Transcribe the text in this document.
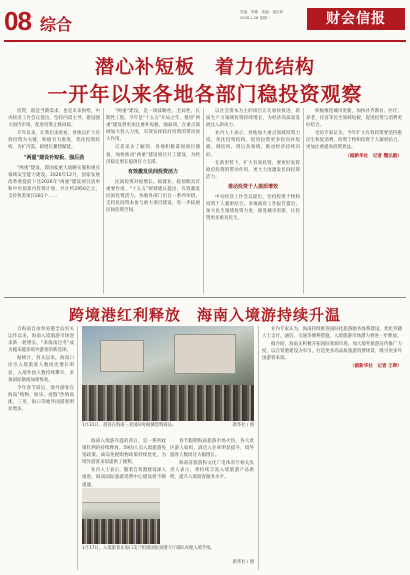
08 综合
责编：李娜　美编：唐巨新
2026.1.28 星期一	财会信报
潜心补短板　着力优结构
一开年以来各地各部门稳投资观察

投资，既是当期需求，也是未来供给，中央经济工作会议提出，坚持内需主导，建设强大国内市场，促进投资止跌回稳。

开年以来，让我们来看看，各地以扩大有效投资为关键，积极有为推进，优化投资结构，为扩内需、稳增长蓄势赋能。

"两重"建设补短板、强后劲

"两重"建设，即国家重大战略实施和重点领域安全能力建设。2026年12月，国家发展改革委提前下达2026年"两重"建设项目清单和中央预算内投资计划，共计约2950亿元，支持各类项目281个……

"两重"建设，是一项战略性、全局性、长期性工程。今年是"十五五"开局之年，推进"两重"建设将更加注重补短板、强弱项，在重点领域加大投入力度，有效发挥政府投资的带动放大作用。

记者采访了解到，各地积极谋划项目储备，加快推动"两重"建设项目开工建设，为经济稳定增长提供有力支撑。

有效激发民间投资活力

民间投资对稳增长、稳就业、稳预期具有重要作用。"十五五"规划建议提出，有效激发民间投资活力。各地各部门出台一系列举措，支持民间资本参与重大项目建设，进一步拓展民间投资空间。

以社会资本为主的项目正在加快推进，新质生产力领域投资持续增长，为经济高质量发展注入新动力。

业内人士表示，各地加大重点领域投资力度，优化投资结构，促进投资更多投向补短板、调结构、增后劲领域，推动经济持续向好。

在新形势下，扩大有效投资，要更好发挥政府投资的带动作用，更大力度激发民间投资活力。

推动投资于人提质增效

中央经济工作会议提出，坚持投资于物和投资于人紧密结合。多地政府工作报告提出，加大民生领域投资力度，推进城市更新，让投资更多惠及民生。

积极推进城市更新，加快补齐教育、医疗、养老、托育等民生领域短板，促进投资与消费更好结合。

受访专家认为，今年扩大有效投资要坚持惠民生和促消费、投资于物和投资于人紧密结合，更加注重提高投资效益。

（据新华社　记者 魏弘毅）
跨境港红利释放　海南入境游持续升温

自海南自由贸易港全岛封关运作以来，海南入境旅游市场迎来新一轮增长，"来海南过冬"成为越来越多境外游客的新选择。

据统计，封关以来，海南口岸出入境旅客人数同比增长明显，入境外国人数持续攀升，多条国际航线加密恢复。

今年春节前后，境外游客在海南"购物、娱乐、度假"热情高涨，三亚、海口等地外国游客明显增多。

1月31日，游客在海南三亚国际免税城选购商品。	新华社 / 图

海南入境游升温的背后，是一系列政策红利的持续释放。59国人员入境旅游免签政策、离岛免税购物政策持续优化，为境外游客来琼提供了便利。

业内人士表示，随着自贸港建设深入推进，海南国际旅游消费中心建设将不断提速。

春节假期海南旅游市场火热，各大景区游人如织，酒店入住率明显提升，境外游客人数同比大幅增长。

海南省旅游和文化广电体育厅相关负责人表示，将持续丰富入境旅游产品供给，提升入境游客服务水平。

1月17日，入境旅客在海口美兰机场国际到港大厅排队办理入境手续。
新华社 / 图

业内专家认为，海南持续推进国际化旅游服务体系建设，优化外籍人士支付、通信、交通等便利措施，入境旅游市场潜力将进一步释放。

据介绍，海南正积极开拓国际客源市场，加大境外旅游宣传推广力度，以自贸港建设为牵引，打造更多高品质旅游消费场景，吸引更多外国游客来琼。

（据新华社　记者 王晖）
